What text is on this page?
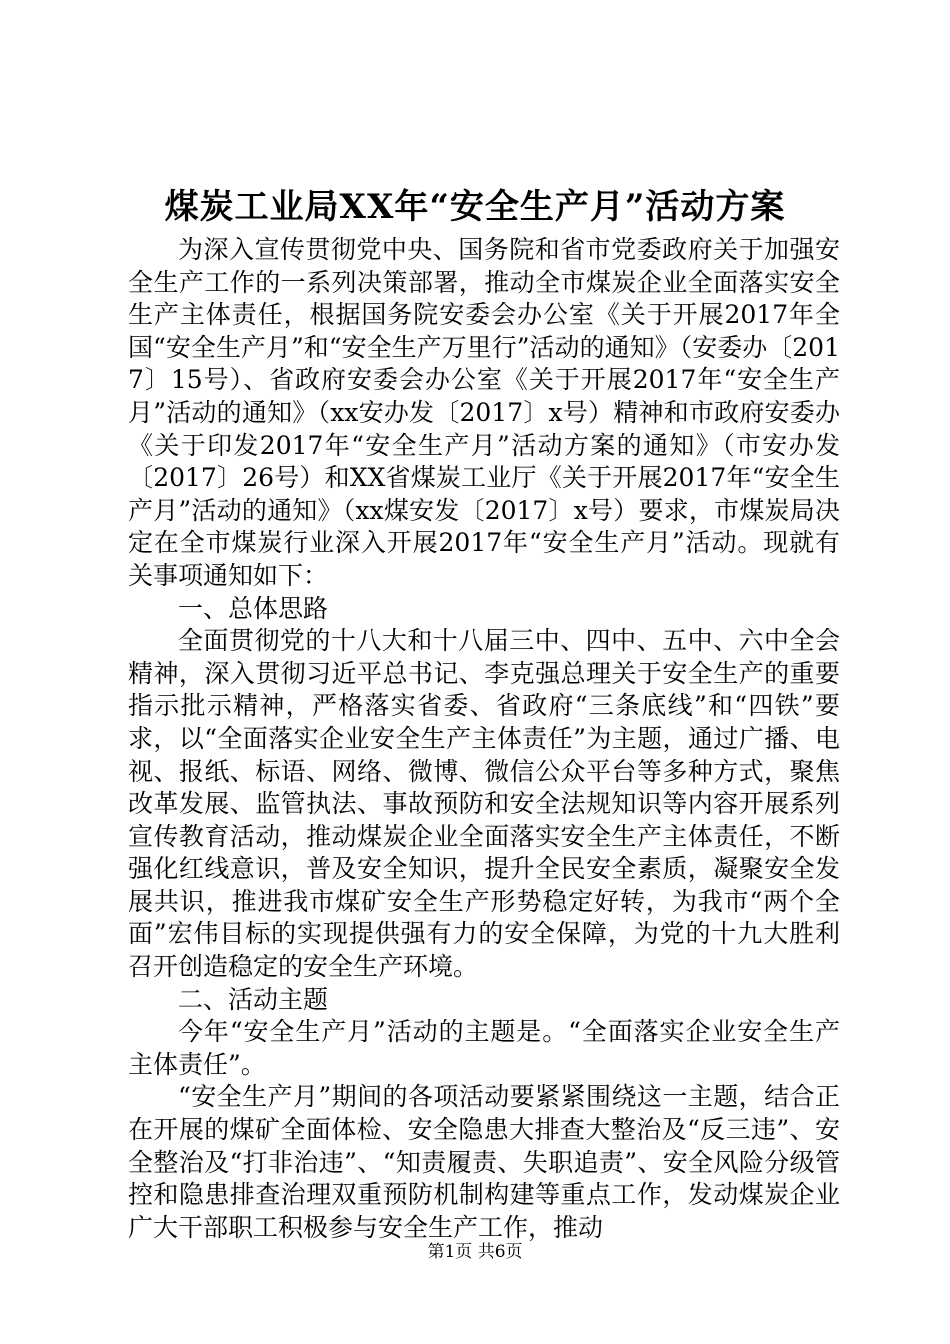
煤炭工业局XX年“安全生产月”活动方案

为深入宣传贯彻党中央、国务院和省市党委政府关于加强安全生产工作的一系列决策部署，推动全市煤炭企业全面落实安全生产主体责任，根据国务院安委会办公室《关于开展2017年全国“安全生产月”和“安全生产万里行”活动的通知》（安委办〔2017〕15号）、省政府安委会办公室《关于开展2017年“安全生产月”活动的通知》（xx安办发〔2017〕x号）精神和市政府安委办《关于印发2017年“安全生产月”活动方案的通知》（市安办发〔2017〕26号）和XX省煤炭工业厅《关于开展2017年“安全生产月”活动的通知》（xx煤安发〔2017〕x号）要求，市煤炭局决定在全市煤炭行业深入开展2017年“安全生产月”活动。现就有关事项通知如下：

一、总体思路

全面贯彻党的十八大和十八届三中、四中、五中、六中全会精神，深入贯彻习近平总书记、李克强总理关于安全生产的重要指示批示精神，严格落实省委、省政府“三条底线”和“四铁”要求，以“全面落实企业安全生产主体责任”为主题，通过广播、电视、报纸、标语、网络、微博、微信公众平台等多种方式，聚焦改革发展、监管执法、事故预防和安全法规知识等内容开展系列宣传教育活动，推动煤炭企业全面落实安全生产主体责任，不断强化红线意识，普及安全知识，提升全民安全素质，凝聚安全发展共识，推进我市煤矿安全生产形势稳定好转，为我市“两个全面”宏伟目标的实现提供强有力的安全保障，为党的十九大胜利召开创造稳定的安全生产环境。

二、活动主题

今年“安全生产月”活动的主题是。“全面落实企业安全生产主体责任”。

“安全生产月”期间的各项活动要紧紧围绕这一主题，结合正在开展的煤矿全面体检、安全隐患大排查大整治及“反三违”、安全整治及“打非治违”、“知责履责、失职追责”、安全风险分级管控和隐患排查治理双重预防机制构建等重点工作，发动煤炭企业广大干部职工积极参与安全生产工作，推动

第1页 共6页
